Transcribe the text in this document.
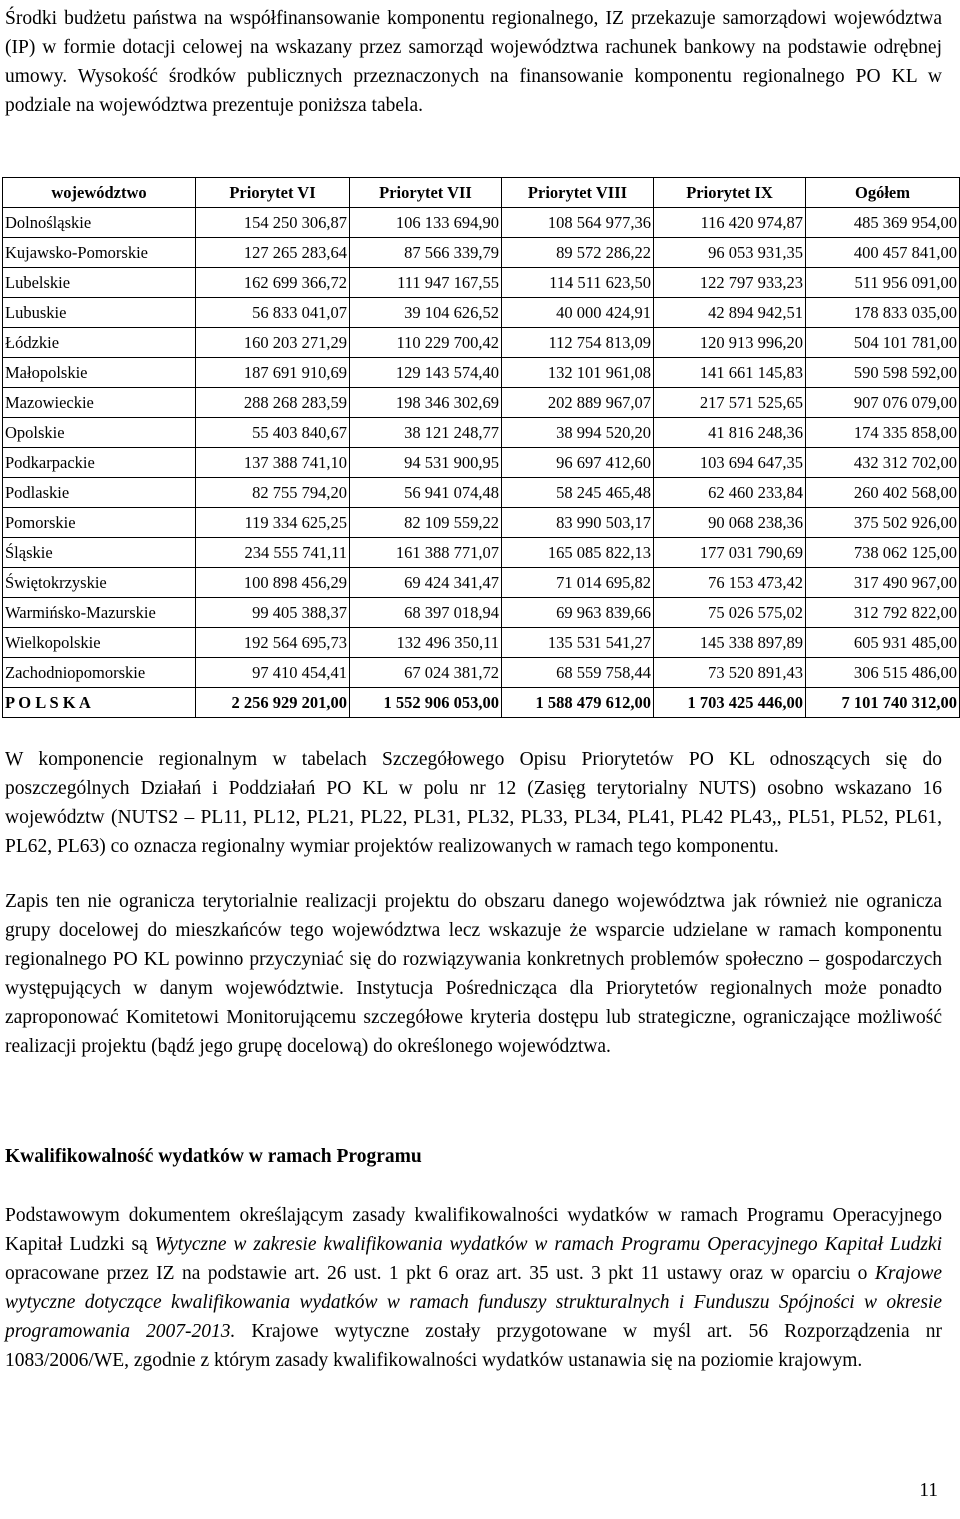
Środki budżetu państwa na współfinansowanie komponentu regionalnego, IZ przekazuje samorządowi województwa (IP) w formie dotacji celowej na wskazany przez samorząd województwa rachunek bankowy na podstawie odrębnej umowy. Wysokość środków publicznych przeznaczonych na finansowanie komponentu regionalnego PO KL w podziale na województwa prezentuje poniższa tabela.

województwo	Priorytet VI	Priorytet VII	Priorytet VIII	Priorytet IX	Ogółem
Dolnośląskie	154 250 306,87	106 133 694,90	108 564 977,36	116 420 974,87	485 369 954,00
Kujawsko-Pomorskie	127 265 283,64	87 566 339,79	89 572 286,22	96 053 931,35	400 457 841,00
Lubelskie	162 699 366,72	111 947 167,55	114 511 623,50	122 797 933,23	511 956 091,00
Lubuskie	56 833 041,07	39 104 626,52	40 000 424,91	42 894 942,51	178 833 035,00
Łódzkie	160 203 271,29	110 229 700,42	112 754 813,09	120 913 996,20	504 101 781,00
Małopolskie	187 691 910,69	129 143 574,40	132 101 961,08	141 661 145,83	590 598 592,00
Mazowieckie	288 268 283,59	198 346 302,69	202 889 967,07	217 571 525,65	907 076 079,00
Opolskie	55 403 840,67	38 121 248,77	38 994 520,20	41 816 248,36	174 335 858,00
Podkarpackie	137 388 741,10	94 531 900,95	96 697 412,60	103 694 647,35	432 312 702,00
Podlaskie	82 755 794,20	56 941 074,48	58 245 465,48	62 460 233,84	260 402 568,00
Pomorskie	119 334 625,25	82 109 559,22	83 990 503,17	90 068 238,36	375 502 926,00
Śląskie	234 555 741,11	161 388 771,07	165 085 822,13	177 031 790,69	738 062 125,00
Świętokrzyskie	100 898 456,29	69 424 341,47	71 014 695,82	76 153 473,42	317 490 967,00
Warmińsko-Mazurskie	99 405 388,37	68 397 018,94	69 963 839,66	75 026 575,02	312 792 822,00
Wielkopolskie	192 564 695,73	132 496 350,11	135 531 541,27	145 338 897,89	605 931 485,00
Zachodniopomorskie	97 410 454,41	67 024 381,72	68 559 758,44	73 520 891,43	306 515 486,00
P O L S K A	2 256 929 201,00	1 552 906 053,00	1 588 479 612,00	1 703 425 446,00	7 101 740 312,00

W komponencie regionalnym w tabelach Szczegółowego Opisu Priorytetów PO KL odnoszących się do poszczególnych Działań i Poddziałań PO KL w polu nr 12 (Zasięg terytorialny NUTS) osobno wskazano 16 województw (NUTS2 – PL11, PL12, PL21, PL22, PL31, PL32, PL33, PL34, PL41, PL42 PL43,, PL51, PL52, PL61, PL62, PL63) co oznacza regionalny wymiar projektów realizowanych w ramach tego komponentu.

Zapis ten nie ogranicza terytorialnie realizacji projektu do obszaru danego województwa jak również nie ogranicza grupy docelowej do mieszkańców tego województwa lecz wskazuje że wsparcie udzielane w ramach komponentu regionalnego PO KL powinno przyczyniać się do rozwiązywania konkretnych problemów społeczno – gospodarczych występujących w danym województwie. Instytucja Pośrednicząca dla Priorytetów regionalnych może ponadto zaproponować Komitetowi Monitorującemu szczegółowe kryteria dostępu lub strategiczne, ograniczające możliwość realizacji projektu (bądź jego grupę docelową) do określonego województwa.

Kwalifikowalność wydatków w ramach Programu

Podstawowym dokumentem określającym zasady kwalifikowalności wydatków w ramach Programu Operacyjnego Kapitał Ludzki są Wytyczne w zakresie kwalifikowania wydatków w ramach Programu Operacyjnego Kapitał Ludzki opracowane przez IZ na podstawie art. 26 ust. 1 pkt 6 oraz art. 35 ust. 3 pkt 11 ustawy oraz w oparciu o Krajowe wytyczne dotyczące kwalifikowania wydatków w ramach funduszy strukturalnych i Funduszu Spójności w okresie programowania 2007-2013. Krajowe wytyczne zostały przygotowane w myśl art. 56 Rozporządzenia nr 1083/2006/WE, zgodnie z którym zasady kwalifikowalności wydatków ustanawia się na poziomie krajowym.

11
